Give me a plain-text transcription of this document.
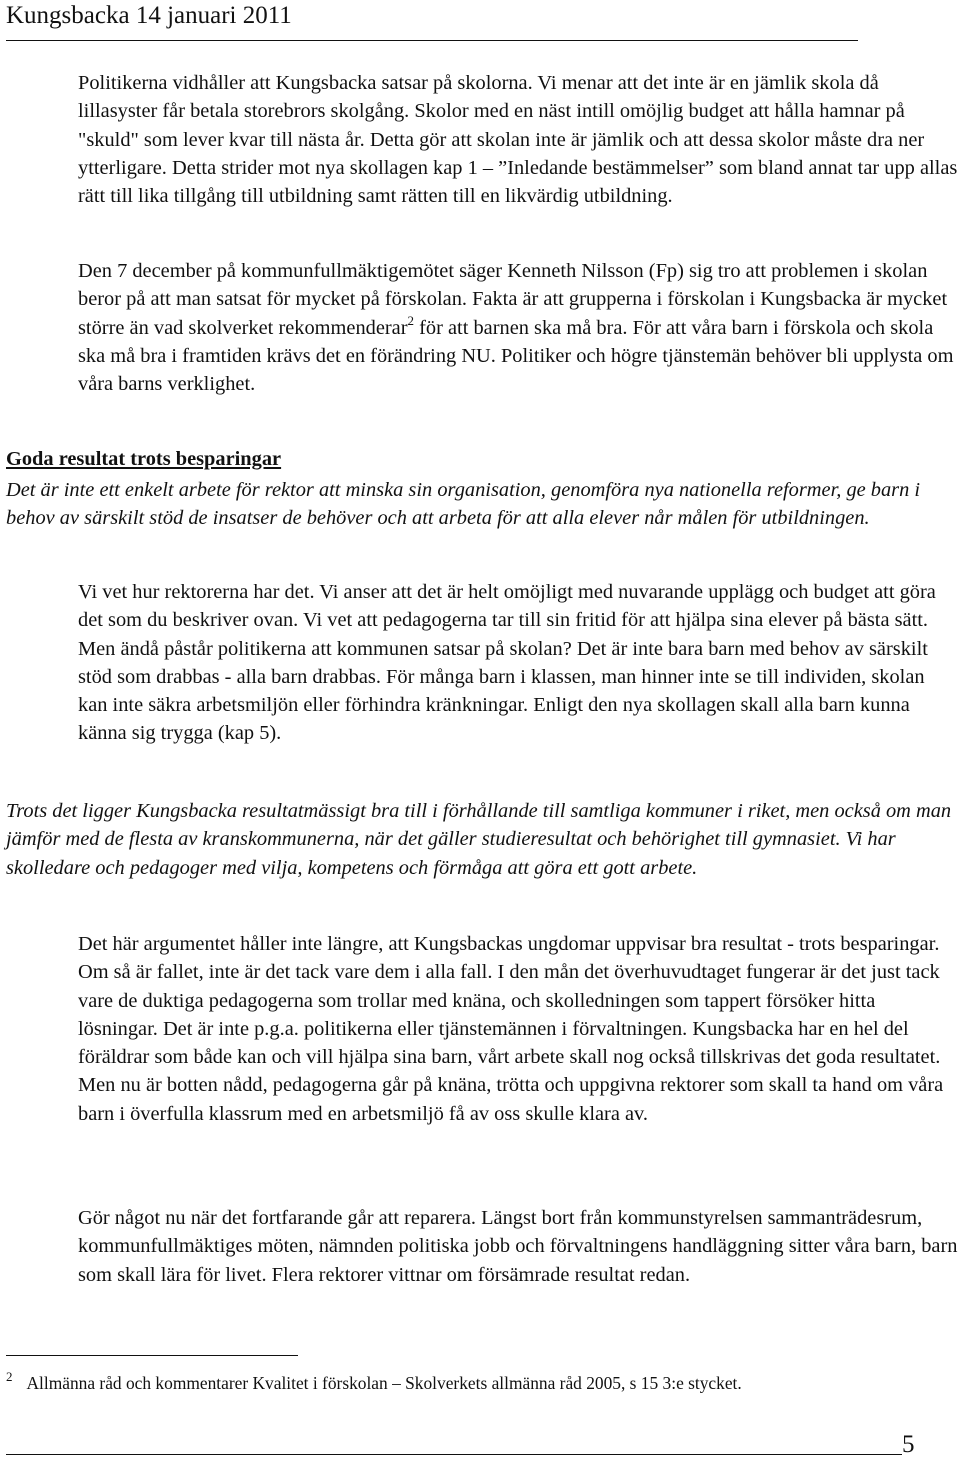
Kungsbacka 14 januari 2011

Politikerna vidhåller att Kungsbacka satsar på skolorna. Vi menar att det inte är en jämlik skola då lillasyster får betala storebrors skolgång. Skolor med en näst intill omöjlig budget att hålla hamnar på "skuld" som lever kvar till nästa år. Detta gör att skolan inte är jämlik och att dessa skolor måste dra ner ytterligare. Detta strider mot nya skollagen kap 1 – ”Inledande bestämmelser” som bland annat tar upp allas rätt till lika tillgång till utbildning samt rätten till en likvärdig utbildning.

Den 7 december på kommunfullmäktigemötet säger Kenneth Nilsson (Fp) sig tro att problemen i skolan beror på att man satsat för mycket på förskolan. Fakta är att grupperna i förskolan i Kungsbacka är mycket större än vad skolverket rekommenderar$^2$ för att barnen ska må bra. För att våra barn i förskola och skola ska må bra i framtiden krävs det en förändring NU. Politiker och högre tjänstemän behöver bli upplysta om våra barns verklighet.

Goda resultat trots besparingar

Det är inte ett enkelt arbete för rektor att minska sin organisation, genomföra nya nationella reformer, ge barn i behov av särskilt stöd de insatser de behöver och att arbeta för att alla elever når målen för utbildningen.

Vi vet hur rektorerna har det. Vi anser att det är helt omöjligt med nuvarande upplägg och budget att göra det som du beskriver ovan. Vi vet att pedagogerna tar till sin fritid för att hjälpa sina elever på bästa sätt. Men ändå påstår politikerna att kommunen satsar på skolan? Det är inte bara barn med behov av särskilt stöd som drabbas - alla barn drabbas. För många barn i klassen, man hinner inte se till individen, skolan kan inte säkra arbetsmiljön eller förhindra kränkningar. Enligt den nya skollagen skall alla barn kunna känna sig trygga (kap 5).

Trots det ligger Kungsbacka resultatmässigt bra till i förhållande till samtliga kommuner i riket, men också om man jämför med de flesta av kranskommunerna, när det gäller studieresultat och behörighet till gymnasiet. Vi har skolledare och pedagoger med vilja, kompetens och förmåga att göra ett gott arbete.

Det här argumentet håller inte längre, att Kungsbackas ungdomar uppvisar bra resultat - trots besparingar. Om så är fallet, inte är det tack vare dem i alla fall. I den mån det överhuvudtaget fungerar är det just tack vare de duktiga pedagogerna som trollar med knäna, och skolledningen som tappert försöker hitta lösningar. Det är inte p.g.a. politikerna eller tjänstemännen i förvaltningen. Kungsbacka har en hel del föräldrar som både kan och vill hjälpa sina barn, vårt arbete skall nog också tillskrivas det goda resultatet. Men nu är botten nådd, pedagogerna går på knäna, trötta och uppgivna rektorer som skall ta hand om våra barn i överfulla klassrum med en arbetsmiljö få av oss skulle klara av.

Gör något nu när det fortfarande går att reparera. Längst bort från kommunstyrelsen sammanträdesrum, kommunfullmäktiges möten, nämnden politiska jobb och förvaltningens handläggning sitter våra barn, barn som skall lära för livet. Flera rektorer vittnar om försämrade resultat redan.

$^2$ Allmänna råd och kommentarer Kvalitet i förskolan – Skolverkets allmänna råd 2005, s 15 3:e stycket.
5
